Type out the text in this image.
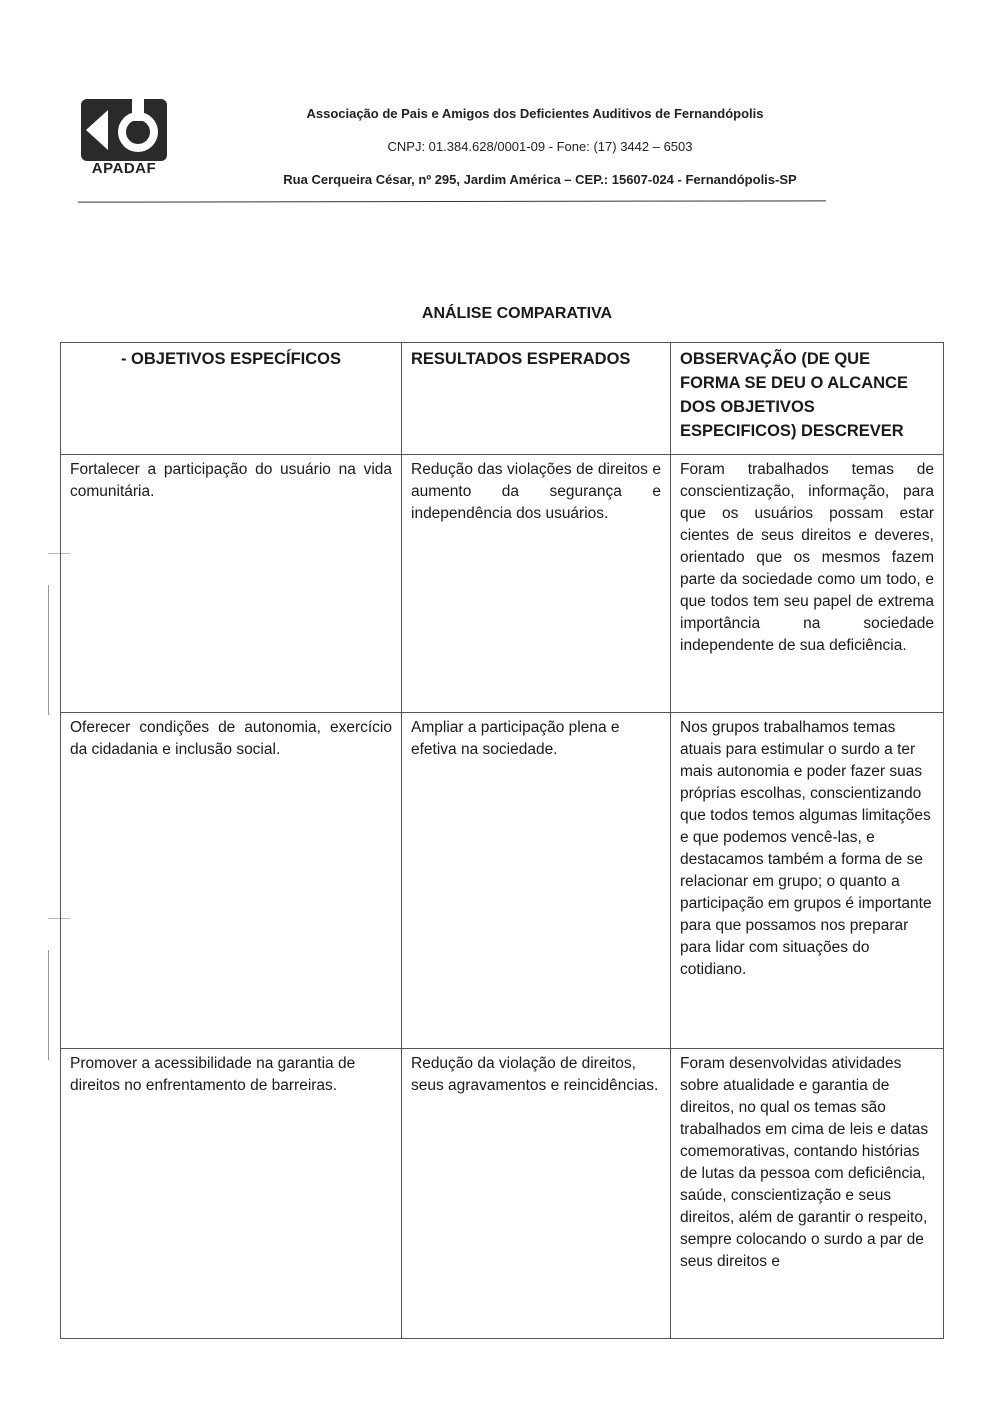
A
APADAF
Associação de Pais e Amigos dos Deficientes Auditivos de Fernandópolis
CNPJ: 01.384.628/0001-09 - Fone: (17) 3442 – 6503
Rua Cerqueira César, nº 295, Jardim América – CEP.: 15607-024 - Fernandópolis-SP
ANÁLISE COMPARATIVA
- OBJETIVOS ESPECÍFICOS	RESULTADOS ESPERADOS	OBSERVAÇÃO (DE QUE FORMA SE DEU O ALCANCE DOS OBJETIVOS ESPECIFICOS) DESCREVER
Fortalecer a participação do usuário na vida comunitária.	Redução das violações de direitos e aumento da segurança e independência dos usuários.	Foram trabalhados temas de conscientização, informação, para que os usuários possam estar cientes de seus direitos e deveres, orientado que os mesmos fazem parte da sociedade como um todo, e que todos tem seu papel de extrema importância na sociedade independente de sua deficiência.
Oferecer condições de autonomia, exercício da cidadania e inclusão social.	Ampliar a participação plena e efetiva na sociedade.	Nos grupos trabalhamos temas atuais para estimular o surdo a ter mais autonomia e poder fazer suas próprias escolhas, conscientizando que todos temos algumas limitações e que podemos vencê-las, e destacamos também a forma de se relacionar em grupo; o quanto a participação em grupos é importante para que possamos nos preparar para lidar com situações do cotidiano.
Promover a acessibilidade na garantia de direitos no enfrentamento de barreiras.	Redução da violação de direitos, seus agravamentos e reincidências.	Foram desenvolvidas atividades sobre atualidade e garantia de direitos, no qual os temas são trabalhados em cima de leis e datas comemorativas, contando histórias de lutas da pessoa com deficiência, saúde, conscientização e seus direitos, além de garantir o respeito, sempre colocando o surdo a par de seus direitos e
